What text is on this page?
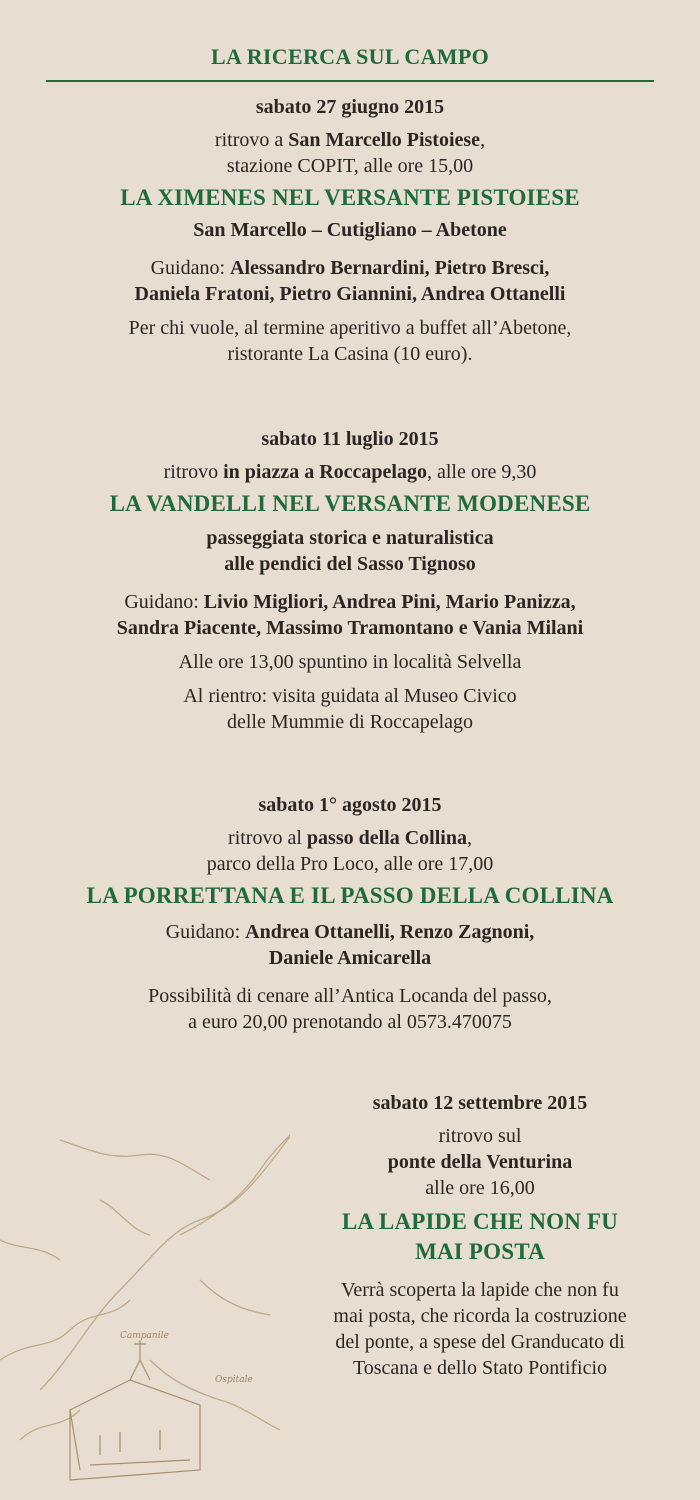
Campanile
Ospitale
LA RICERCA SUL CAMPO
sabato 27 giugno 2015
ritrovo a San Marcello Pistoiese,
stazione COPIT, alle ore 15,00
LA XIMENES NEL VERSANTE PISTOIESE
San Marcello – Cutigliano – Abetone
Guidano: Alessandro Bernardini, Pietro Bresci,
Daniela Fratoni, Pietro Giannini, Andrea Ottanelli
Per chi vuole, al termine aperitivo a buffet all’Abetone,
ristorante La Casina (10 euro).
sabato 11 luglio 2015
ritrovo in piazza a Roccapelago, alle ore 9,30
LA VANDELLI NEL VERSANTE MODENESE
passeggiata storica e naturalistica
alle pendici del Sasso Tignoso
Guidano: Livio Migliori, Andrea Pini, Mario Panizza,
Sandra Piacente, Massimo Tramontano e Vania Milani
Alle ore 13,00 spuntino in località Selvella
Al rientro: visita guidata al Museo Civico
delle Mummie di Roccapelago
sabato 1° agosto 2015
ritrovo al passo della Collina,
parco della Pro Loco, alle ore 17,00
LA PORRETTANA E IL PASSO DELLA COLLINA
Guidano: Andrea Ottanelli, Renzo Zagnoni,
Daniele Amicarella
Possibilità di cenare all’Antica Locanda del passo,
a euro 20,00 prenotando al 0573.470075
sabato 12 settembre 2015
ritrovo sul
ponte della Venturina
alle ore 16,00
LA LAPIDE CHE NON FU
MAI POSTA
Verrà scoperta la lapide che non fu
mai posta, che ricorda la costruzione
del ponte, a spese del Granducato di
Toscana e dello Stato Pontificio
